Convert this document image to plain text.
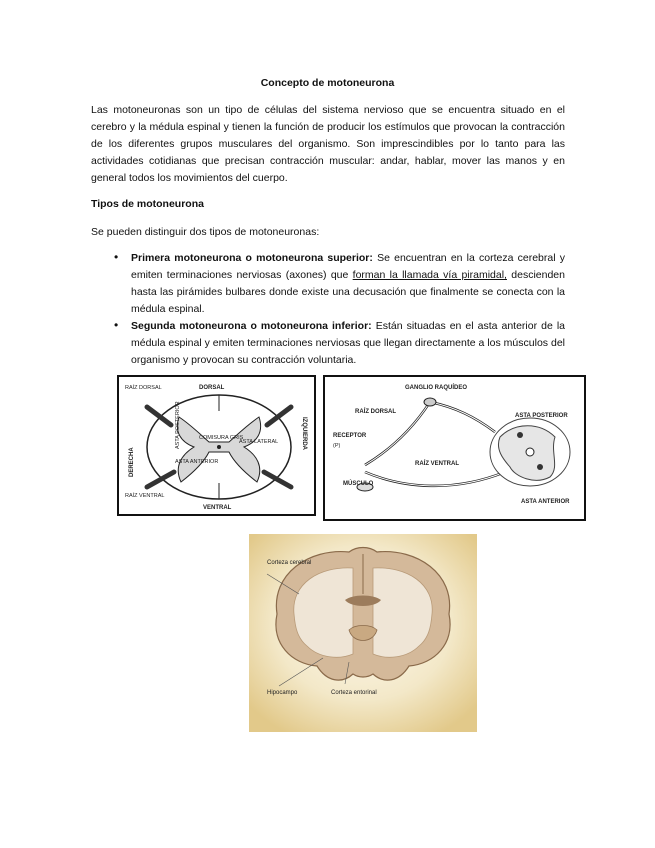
Concepto de motoneurona

Las motoneuronas son un tipo de células del sistema nervioso que se encuentra situado en el cerebro y la médula espinal y tienen la función de producir los estímulos que provocan la contracción de los diferentes grupos musculares del organismo. Son imprescindibles por lo tanto para las actividades cotidianas que precisan contracción muscular: andar, hablar, mover las manos y en general todos los movimientos del cuerpo.

Tipos de motoneurona
Se pueden distinguir dos tipos de motoneuronas:
• Primera motoneurona o motoneurona superior: Se encuentran en la corteza cerebral y emiten terminaciones nerviosas (axones) que forman la llamada vía piramidal, descienden hasta las pirámides bulbares donde existe una decusación que finalmente se conecta con la médula espinal.

• Segunda motoneurona o motoneurona inferior: Están situadas en el asta anterior de la médula espinal y emiten terminaciones nerviosas que llegan directamente a los músculos del organismo y provocan su contracción voluntaria.

DORSAL
VENTRAL
DERECHA
IZQUIERDA
RAÍZ DORSAL
RAÍZ VENTRAL
ASTA POSTERIOR	ASTA LATERAL
ASTA ANTERIOR
COMISURA GRIS
GANGLIO RAQUÍDEO
RAÍZ DORSAL
RECEPTOR
(P)
RAÍZ VENTRAL
MÚSCULO
ASTA POSTERIOR
ASTA ANTERIOR
Corteza cerebral
Hipocampo	Corteza entorinal
